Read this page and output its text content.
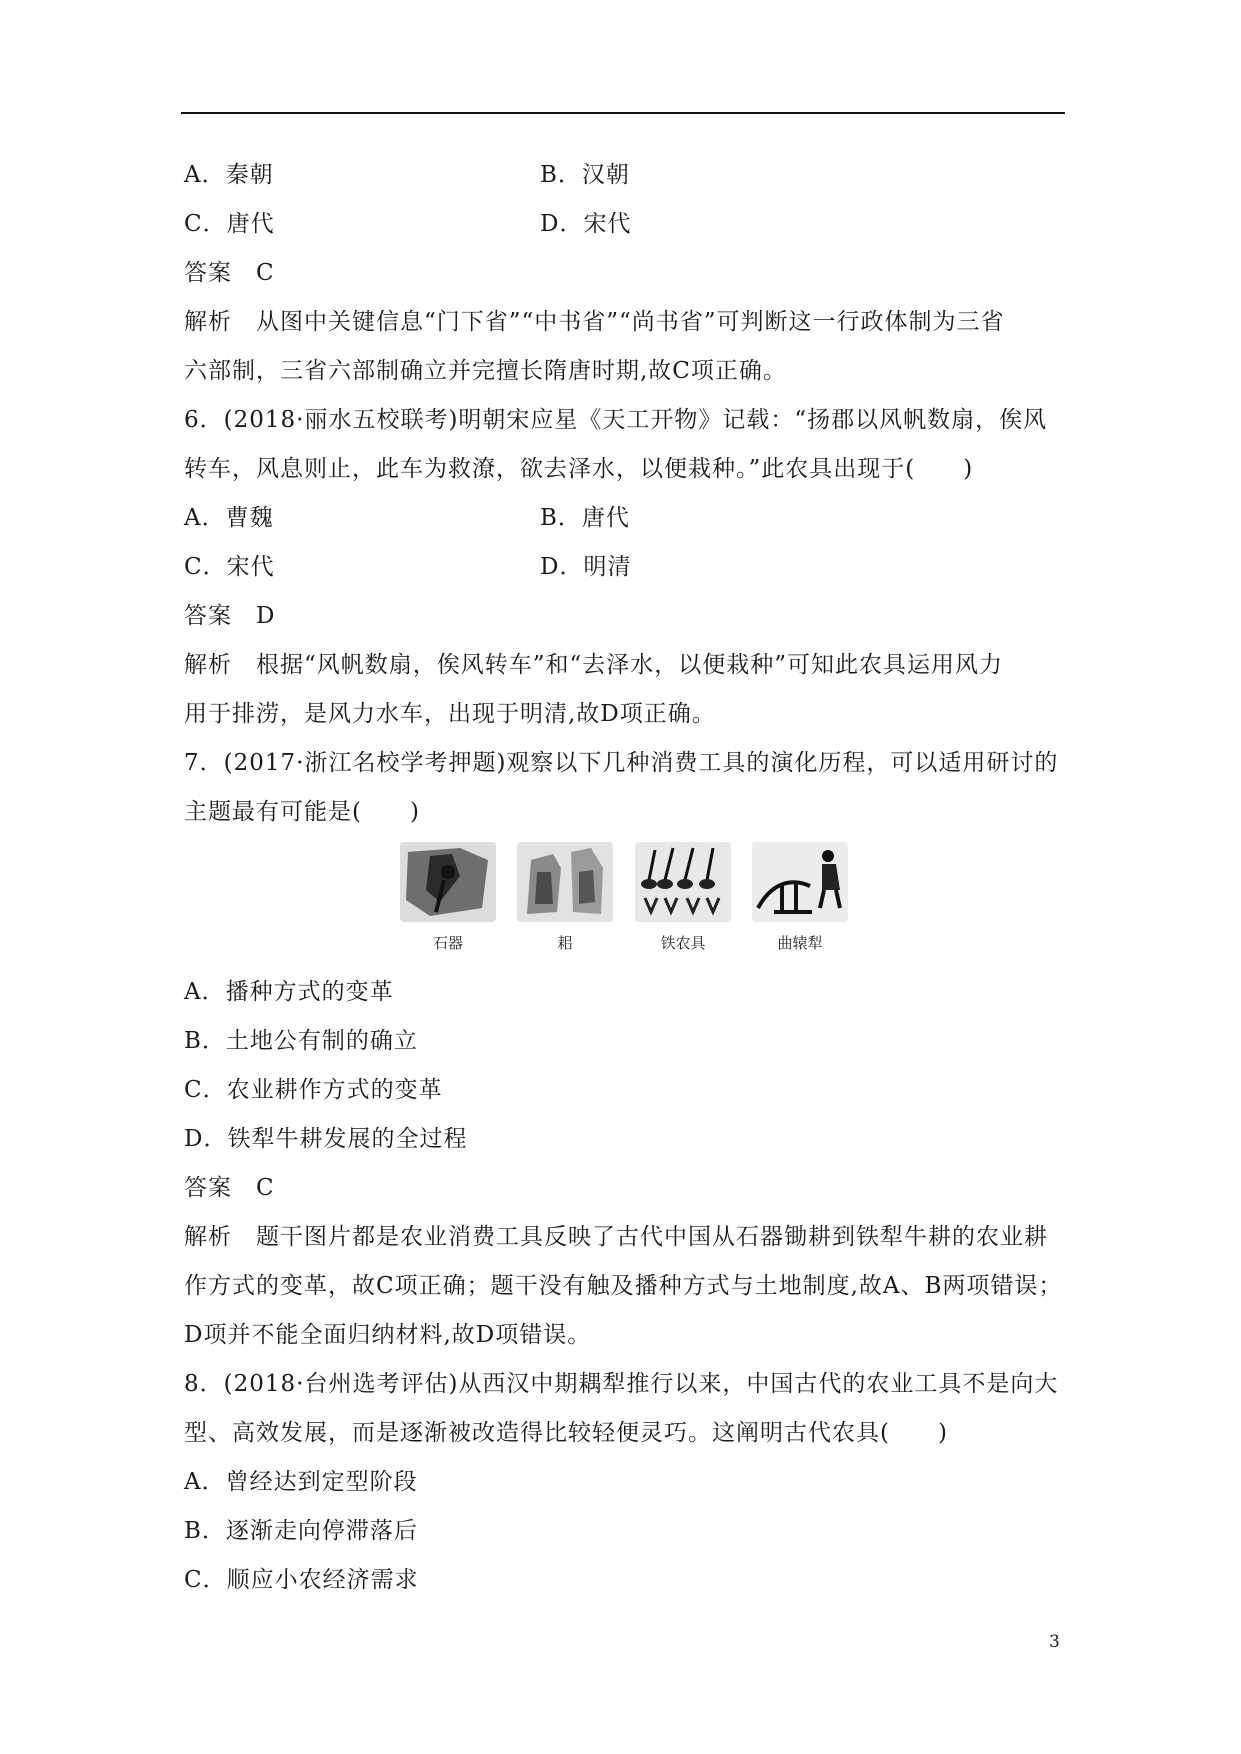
A．秦朝	B．汉朝
C．唐代	D．宋代
答案　C
解析　从图中关键信息“门下省”“中书省”“尚书省”可判断这一行政体制为三省
六部制，三省六部制确立并完擅长隋唐时期,故C项正确。
6．(2018·丽水五校联考)明朝宋应星《天工开物》记载：“扬郡以风帆数扇，俟风
转车，风息则止，此车为救潦，欲去泽水，以便栽种。”此农具出现于(　　)
A．曹魏	B．唐代
C．宋代	D．明清
答案　D
解析　根据“风帆数扇，俟风转车”和“去泽水，以便栽种”可知此农具运用风力
用于排涝，是风力水车，出现于明清,故D项正确。
7．(2017·浙江名校学考押题)观察以下几种消费工具的演化历程，可以适用研讨的
主题最有可能是(　　)
石器	耜	铁农具	曲辕犁
A．播种方式的变革
B．土地公有制的确立
C．农业耕作方式的变革
D．铁犁牛耕发展的全过程
答案　C
解析　题干图片都是农业消费工具反映了古代中国从石器锄耕到铁犁牛耕的农业耕
作方式的变革，故C项正确；题干没有触及播种方式与土地制度,故A、B两项错误；
D项并不能全面归纳材料,故D项错误。
8．(2018·台州选考评估)从西汉中期耦犁推行以来，中国古代的农业工具不是向大
型、高效发展，而是逐渐被改造得比较轻便灵巧。这阐明古代农具(　　)
A．曾经达到定型阶段
B．逐渐走向停滞落后
C．顺应小农经济需求
3
